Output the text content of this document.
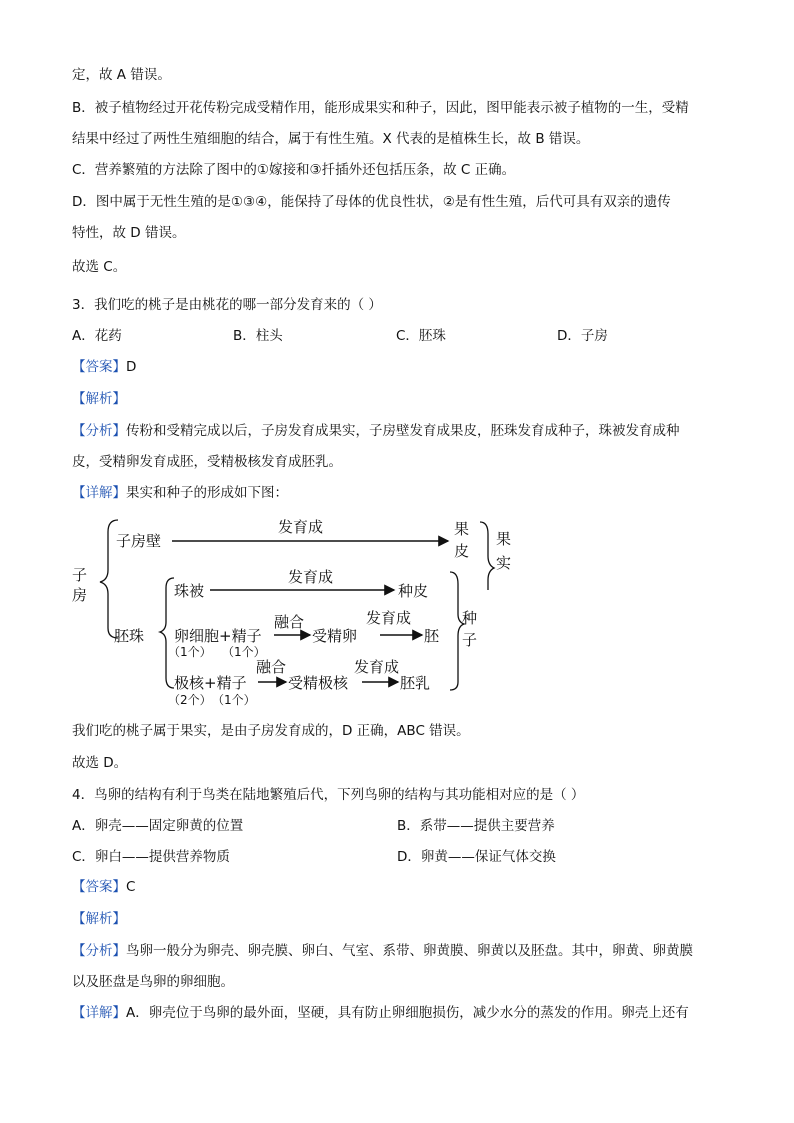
定，故 A 错误。
B．被子植物经过开花传粉完成受精作用，能形成果实和种子，因此，图甲能表示被子植物的一生，受精
结果中经过了两性生殖细胞的结合，属于有性生殖。X 代表的是植株生长，故 B 错误。
C．营养繁殖的方法除了图中的①嫁接和③扦插外还包括压条，故 C 正确。
D．图中属于无性生殖的是①③④，能保持了母体的优良性状，②是有性生殖，后代可具有双亲的遗传
特性，故 D 错误。
故选 C。
3．我们吃的桃子是由桃花的哪一部分发育来的（ ）
A．花药	B．柱头	C．胚珠	D．子房
【答案】D
【解析】
【分析】传粉和受精完成以后，子房发育成果实，子房壁发育成果皮，胚珠发育成种子，珠被发育成种
皮，受精卵发育成胚，受精极核发育成胚乳。
【详解】果实和种子的形成如下图：
子
房
子房壁
发育成	果
皮
果
实
珠被
发育成
种皮
胚珠 卵细胞+精子
融合
受精卵
发育成
胚
种
子
极核+精子
融合
受精极核
发育成
胚乳
（1个） （1个）
（2个） （1个）
我们吃的桃子属于果实，是由子房发育成的，D 正确，ABC 错误。
故选 D。
4．鸟卵的结构有利于鸟类在陆地繁殖后代，下列鸟卵的结构与其功能相对应的是（ ）
A．卵壳——固定卵黄的位置	B．系带——提供主要营养
C．卵白——提供营养物质	D．卵黄——保证气体交换
【答案】C
【解析】
【分析】鸟卵一般分为卵壳、卵壳膜、卵白、气室、系带、卵黄膜、卵黄以及胚盘。其中，卵黄、卵黄膜
以及胚盘是鸟卵的卵细胞。
【详解】A．卵壳位于鸟卵的最外面，坚硬，具有防止卵细胞损伤，减少水分的蒸发的作用。卵壳上还有
